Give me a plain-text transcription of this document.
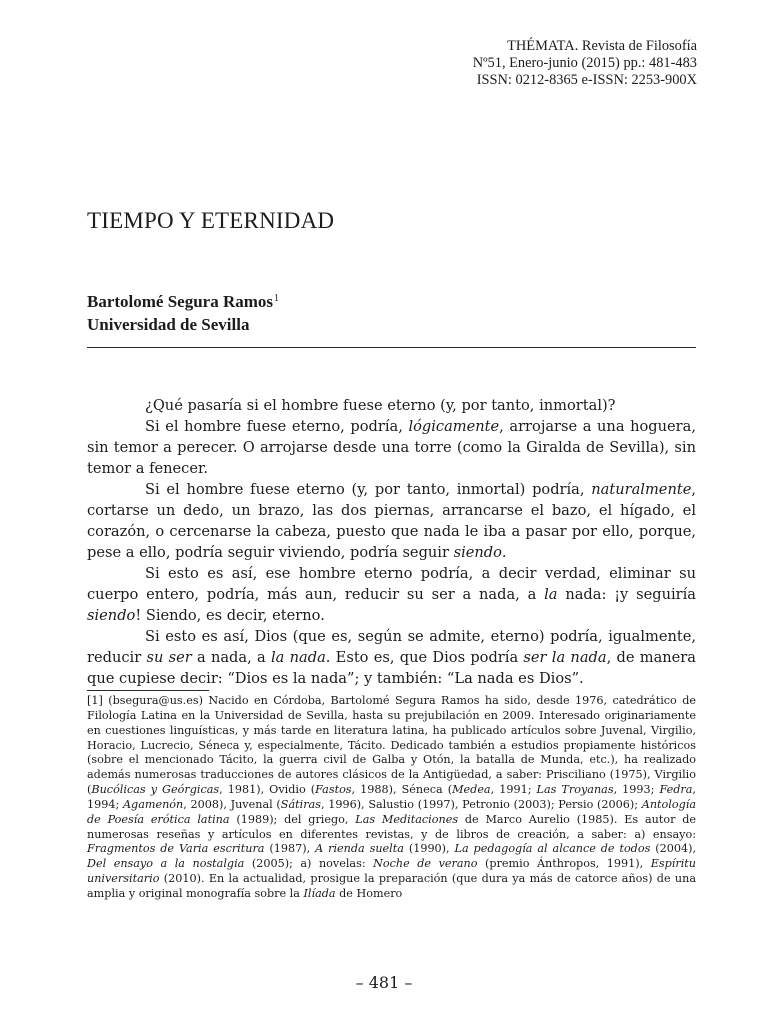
THÉMATA. Revista de Filosofía
Nº51, Enero-junio (2015) pp.: 481-483
ISSN: 0212-8365 e-ISSN: 2253-900X
TIEMPO Y ETERNIDAD
Bartolomé Segura Ramos$^1$
Universidad de Sevilla

¿Qué pasaría si el hombre fuese eterno (y, por tanto, inmortal)?

Si el hombre fuese eterno, podría, lógicamente, arrojarse a una hoguera, sin temor a perecer. O arrojarse desde una torre (como la Giralda de Sevilla), sin temor a fenecer.

Si el hombre fuese eterno (y, por tanto, inmortal) podría, naturalmente, cortarse un dedo, un brazo, las dos piernas, arrancarse el bazo, el hígado, el corazón, o cercenarse la cabeza, puesto que nada le iba a pasar por ello, porque, pese a ello, podría seguir viviendo, podría seguir siendo.

Si esto es así, ese hombre eterno podría, a decir verdad, eliminar su cuerpo entero, podría, más aun, reducir su ser a nada, a la nada: ¡y seguiría siendo! Siendo, es decir, eterno.

Si esto es así, Dios (que es, según se admite, eterno) podría, igualmente, reducir su ser a nada, a la nada. Esto es, que Dios podría ser la nada, de manera que cupiese decir: “Dios es la nada”; y también: “La nada es Dios”.

[1] (bsegura@us.es) Nacido en Córdoba, Bartolomé Segura Ramos ha sido, desde 1976, catedrático de Filología Latina en la Universidad de Sevilla, hasta su prejubilación en 2009. Interesado originariamente en cuestiones linguísticas, y más tarde en literatura latina, ha publicado artículos sobre Juvenal, Virgilio, Horacio, Lucrecio, Séneca y, especialmente, Tácito. Dedicado también a estudios propiamente históricos (sobre el mencionado Tácito, la guerra civil de Galba y Otón, la batalla de Munda, etc.), ha realizado además numerosas traducciones de autores clásicos de la Antigüedad, a saber: Prisciliano (1975), Virgilio (Bucólicas y Geórgicas, 1981), Ovidio (Fastos, 1988), Séneca (Medea, 1991; Las Troyanas, 1993; Fedra, 1994; Agamenón, 2008), Juvenal (Sátiras, 1996), Salustio (1997), Petronio (2003); Persio (2006); Antología de Poesía erótica latina (1989); del griego, Las Meditaciones de Marco Aurelio (1985). Es autor de numerosas reseñas y artículos en diferentes revistas, y de libros de creación, a saber: a) ensayo: Fragmentos de Varia escritura (1987), A rienda suelta (1990), La pedagogía al alcance de todos (2004), Del ensayo a la nostalgia (2005); a) novelas: Noche de verano (premio Ánthropos, 1991), Espíritu universitario (2010). En la actualidad, prosigue la preparación (que dura ya más de catorce años) de una amplia y original monografía sobre la Ilíada de Homero
– 481 –
